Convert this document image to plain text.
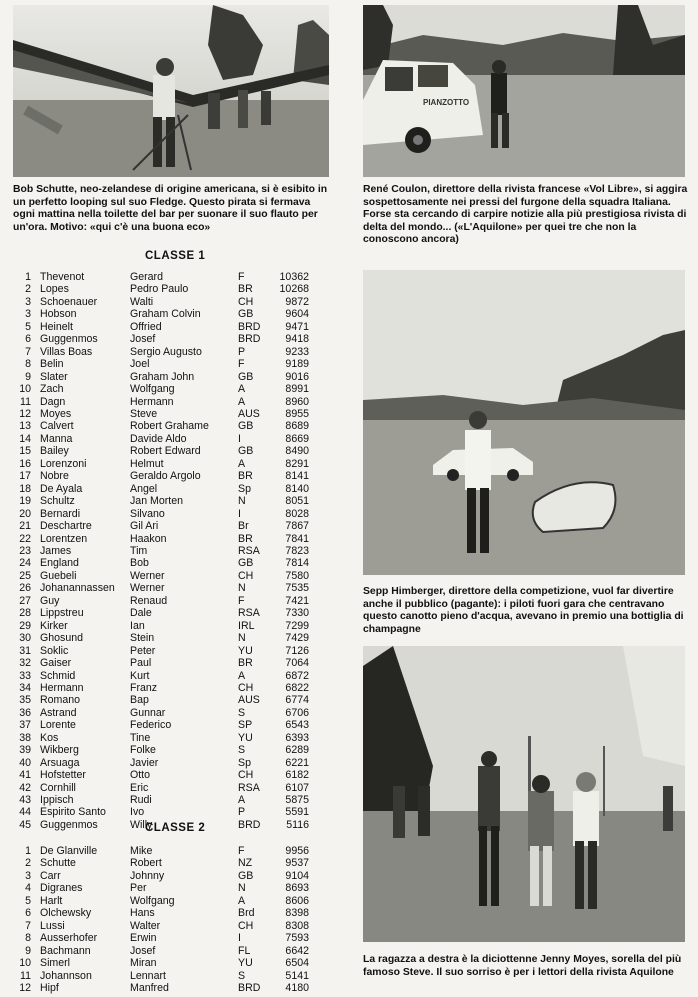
PIANZOTTO
Bob Schutte, neo-zelandese di origine americana, si è esibito in un perfetto looping sul suo Fledge. Questo pirata si fermava ogni mattina nella toilette del bar per suonare il suo flauto per un'ora. Motivo: «qui c'è una buona eco»
René Coulon, direttore della rivista francese «Vol Libre», si aggira sospettosamente nei pressi del furgone della squadra Italiana. Forse sta cercando di carpire notizie alla più prestigiosa rivista di delta del mondo... («L'Aquilone» per quei tre che non la conoscono ancora)
CLASSE 1
1	Thevenot	Gerard	F	10362
2	Lopes	Pedro Paulo	BR	10268
3	Schoenauer	Walti	CH	9872
3	Hobson	Graham Colvin	GB	9604
5	Heinelt	Offried	BRD	9471
6	Guggenmos	Josef	BRD	9418
7	Villas Boas	Sergio Augusto	P	9233
8	Belin	Joel	F	9189
9	Slater	Graham John	GB	9016
10	Zach	Wolfgang	A	8991
11	Dagn	Hermann	A	8960
12	Moyes	Steve	AUS	8955
13	Calvert	Robert Grahame	GB	8689
14	Manna	Davide Aldo	I	8669
15	Bailey	Robert Edward	GB	8490
16	Lorenzoni	Helmut	A	8291
17	Nobre	Geraldo Argolo	BR	8141
18	De Ayala	Angel	Sp	8140
19	Schultz	Jan Morten	N	8051
20	Bernardi	Silvano	I	8028
21	Deschartre	Gil Ari	Br	7867
22	Lorentzen	Haakon	BR	7841
23	James	Tim	RSA	7823
24	England	Bob	GB	7814
25	Guebeli	Werner	CH	7580
26	Johanannassen	Werner	N	7535
27	Guy	Renaud	F	7421
28	Lippstreu	Dale	RSA	7330
29	Kirker	Ian	IRL	7299
30	Ghosund	Stein	N	7429
31	Soklic	Peter	YU	7126
32	Gaiser	Paul	BR	7064
33	Schmid	Kurt	A	6872
34	Hermann	Franz	CH	6822
35	Romano	Bap	AUS	6774
36	Astrand	Gunnar	S	6706
37	Lorente	Federico	SP	6543
38	Kos	Tine	YU	6393
39	Wikberg	Folke	S	6289
40	Arsuaga	Javier	Sp	6221
41	Hofstetter	Otto	CH	6182
42	Cornhill	Eric	RSA	6107
43	Ippisch	Rudi	A	5875
44	Espirito Santo	Ivo	P	5591
45	Guggenmos	Willy	BRD	5116
CLASSE 2
1	De Glanville	Mike	F	9956
2	Schutte	Robert	NZ	9537
3	Carr	Johnny	GB	9104
4	Digranes	Per	N	8693
5	Harlt	Wolfgang	A	8606
6	Olchewsky	Hans	Brd	8398
7	Lussi	Walter	CH	8308
8	Ausserhofer	Erwin	I	7593
9	Bachmann	Josef	FL	6642
10	Simerl	Miran	YU	6504
11	Johannson	Lennart	S	5141
12	Hipf	Manfred	BRD	4180
Sepp Himberger, direttore della competizione, vuol far divertire anche il pubblico (pagante): i piloti fuori gara che centravano questo canotto pieno d'acqua, avevano in premio una bottiglia di champagne
La ragazza a destra è la diciottenne Jenny Moyes, sorella del più famoso Steve. Il suo sorriso è per i lettori della rivista Aquilone
